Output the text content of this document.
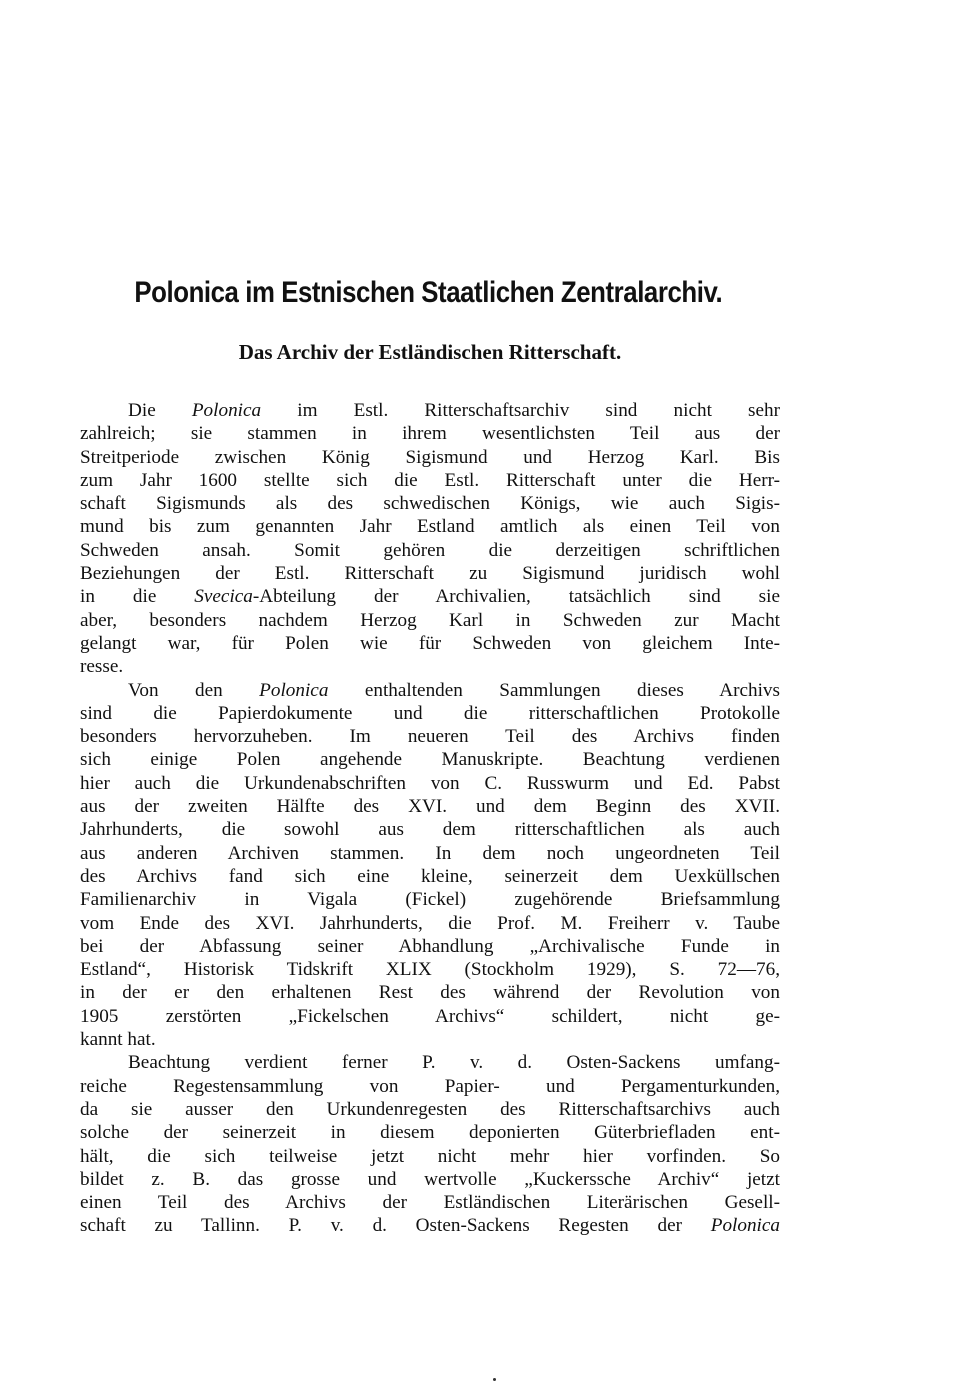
Polonica im Estnischen Staatlichen Zentralarchiv.
Das Archiv der Estländischen Ritterschaft.
Die Polonica im Estl. Ritterschaftsarchiv sind nicht sehr
zahlreich; sie stammen in ihrem wesentlichsten Teil aus der
Streitperiode zwischen König Sigismund und Herzog Karl. Bis
zum Jahr 1600 stellte sich die Estl. Ritterschaft unter die Herr-
schaft Sigismunds als des schwedischen Königs, wie auch Sigis-
mund bis zum genannten Jahr Estland amtlich als einen Teil von
Schweden ansah. Somit gehören die derzeitigen schriftlichen
Beziehungen der Estl. Ritterschaft zu Sigismund juridisch wohl
in die Svecica-Abteilung der Archivalien, tatsächlich sind sie
aber, besonders nachdem Herzog Karl in Schweden zur Macht
gelangt war, für Polen wie für Schweden von gleichem Inte-
resse.
Von den Polonica enthaltenden Sammlungen dieses Archivs
sind die Papierdokumente und die ritterschaftlichen Protokolle
besonders hervorzuheben. Im neueren Teil des Archivs finden
sich einige Polen angehende Manuskripte. Beachtung verdienen
hier auch die Urkundenabschriften von C. Russwurm und Ed. Pabst
aus der zweiten Hälfte des XVI. und dem Beginn des XVII.
Jahrhunderts, die sowohl aus dem ritterschaftlichen als auch
aus anderen Archiven stammen. In dem noch ungeordneten Teil
des Archivs fand sich eine kleine, seinerzeit dem Uexküllschen
Familienarchiv in Vigala (Fickel) zugehörende Briefsammlung
vom Ende des XVI. Jahrhunderts, die Prof. M. Freiherr v. Taube
bei der Abfassung seiner Abhandlung „Archivalische Funde in
Estland“, Historisk Tidskrift XLIX (Stockholm 1929), S. 72—76,
in der er den erhaltenen Rest des während der Revolution von
1905 zerstörten „Fickelschen Archivs“ schildert, nicht ge-
kannt hat.
Beachtung verdient ferner P. v. d. Osten-Sackens umfang-
reiche Regestensammlung von Papier- und Pergamenturkunden,
da sie ausser den Urkundenregesten des Ritterschaftsarchivs auch
solche der seinerzeit in diesem deponierten Güterbriefladen ent-
hält, die sich teilweise jetzt nicht mehr hier vorfinden. So
bildet z. B. das grosse und wertvolle „Kuckerssche Archiv“ jetzt
einen Teil des Archivs der Estländischen Literärischen Gesell-
schaft zu Tallinn. P. v. d. Osten-Sackens Regesten der Polonica
